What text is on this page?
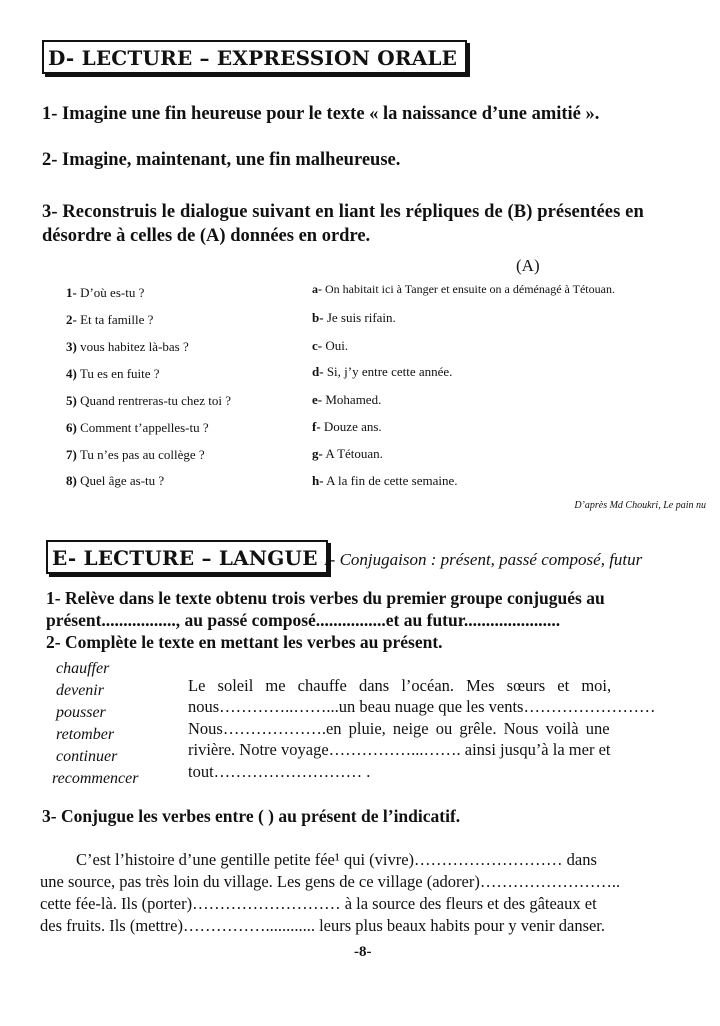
D- LECTURE – EXPRESSION ORALE
1- Imagine une fin heureuse pour le texte « la naissance d’une amitié ».
2- Imagine, maintenant, une fin malheureuse.
3- Reconstruis le dialogue suivant en liant les répliques de (B) présentées en
désordre à celles de (A) données en ordre.
(A)
1- D’où es-tu ?
2- Et ta famille ?
3) vous habitez là-bas ?
4) Tu es en fuite ?
5) Quand rentreras-tu chez toi ?
6) Comment t’appelles-tu ?
7) Tu n’es pas au collège ?
8) Quel âge as-tu ?
a- On habitait ici à Tanger et ensuite on a déménagé à Tétouan.
b- Je suis rifain.
c- Oui.
d- Si, j’y entre cette année.
e- Mohamed.
f- Douze ans.
g- A Tétouan.
h- A la fin de cette semaine.
D’après Md Choukri, Le pain nu
E- LECTURE – LANGUE I- Conjugaison : présent, passé composé, futur
1- Relève dans le texte obtenu trois verbes du premier groupe conjugués au
présent................., au passé composé................et au futur......................
2- Complète le texte en mettant les verbes au présent.
chauffer
devenir
pousser
retomber
continuer
recommencer
Le soleil me chauffe dans l’océan. Mes sœurs et moi,
nous…………..……...un beau nuage que les vents……………………
Nous……………….en pluie, neige ou grêle. Nous voilà une
rivière. Notre voyage……………...……. ainsi jusqu’à la mer et
tout……………………… .
3- Conjugue les verbes entre ( ) au présent de l’indicatif.
C’est l’histoire d’une gentille petite fée¹ qui (vivre)……………………… dans
une source, pas très loin du village. Les gens de ce village (adorer)……………………..
cette fée-là. Ils (porter)……………………… à la source des fleurs et des gâteaux et
des fruits. Ils (mettre)……………............ leurs plus beaux habits pour y venir danser.
-8-
